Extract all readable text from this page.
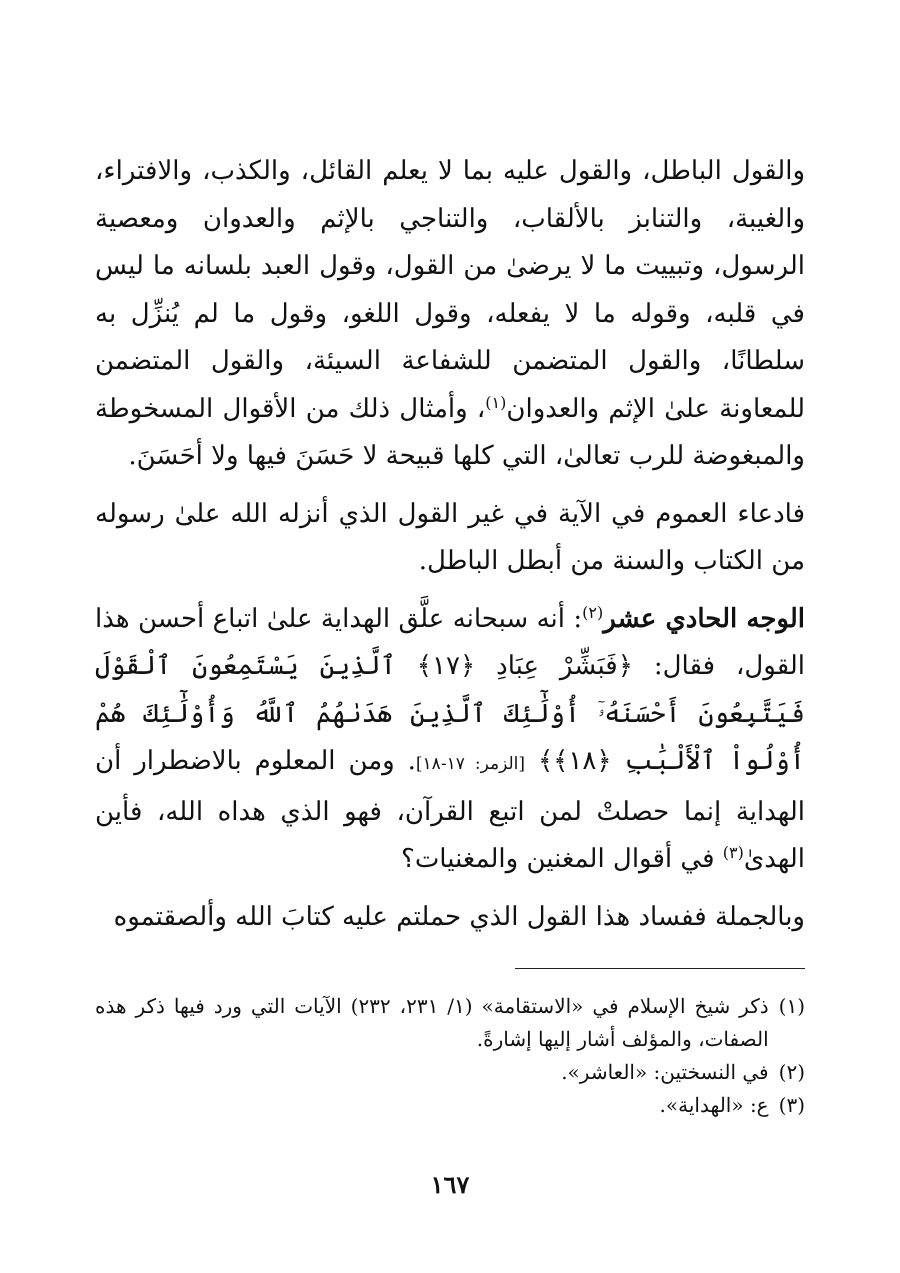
والقول الباطل، والقول عليه بما لا يعلم القائل، والكذب، والافتراء، والغيبة، والتنابز بالألقاب، والتناجي بالإثم والعدوان ومعصية الرسول، وتبييت ما لا يرضىٰ من القول، وقول العبد بلسانه ما ليس في قلبه، وقوله ما لا يفعله، وقول اللغو، وقول ما لم يُنزِّل به سلطانًا، والقول المتضمن للشفاعة السيئة، والقول المتضمن للمعاونة علىٰ الإثم والعدوان$^{(١)}$، وأمثال ذلك من الأقوال المسخوطة والمبغوضة للرب تعالىٰ، التي كلها قبيحة لا حَسَنَ فيها ولا أحَسَنَ.

فادعاء العموم في الآية في غير القول الذي أنزله الله علىٰ رسوله من الكتاب والسنة من أبطل الباطل.

الوجه الحادي عشر$^{(٢)}$: أنه سبحانه علَّق الهداية علىٰ اتباع أحسن هذا القول، فقال: ﴿فَبَشِّرْ عِبَادِ ﴿١٧﴾ ٱلَّذِينَ يَسْتَمِعُونَ ٱلْقَوْلَ فَيَتَّبِعُونَ أَحْسَنَهُۥٓ أُوْلَٰٓئِكَ ٱلَّذِينَ هَدَىٰهُمُ ٱللَّهُ وَأُوْلَٰٓئِكَ هُمْ أُوْلُواْ ٱلْأَلْبَٰبِ ﴿١٨﴾﴾ [الزمر: ١٧-١٨]. ومن المعلوم بالاضطرار أن الهداية إنما حصلتْ لمن اتبع القرآن، فهو الذي هداه الله، فأين الهدىٰ$^{(٣)}$ في أقوال المغنين والمغنيات؟

وبالجملة ففساد هذا القول الذي حملتم عليه كتابَ الله وألصقتموه

(١)
ذكر شيخ الإسلام في «الاستقامة» (١/ ٢٣١، ٢٣٢) الآيات التي ورد فيها ذكر هذه الصفات، والمؤلف أشار إليها إشارةً.
(٢)
في النسختين: «العاشر».
(٣)
ع: «الهداية».
١٦٧
